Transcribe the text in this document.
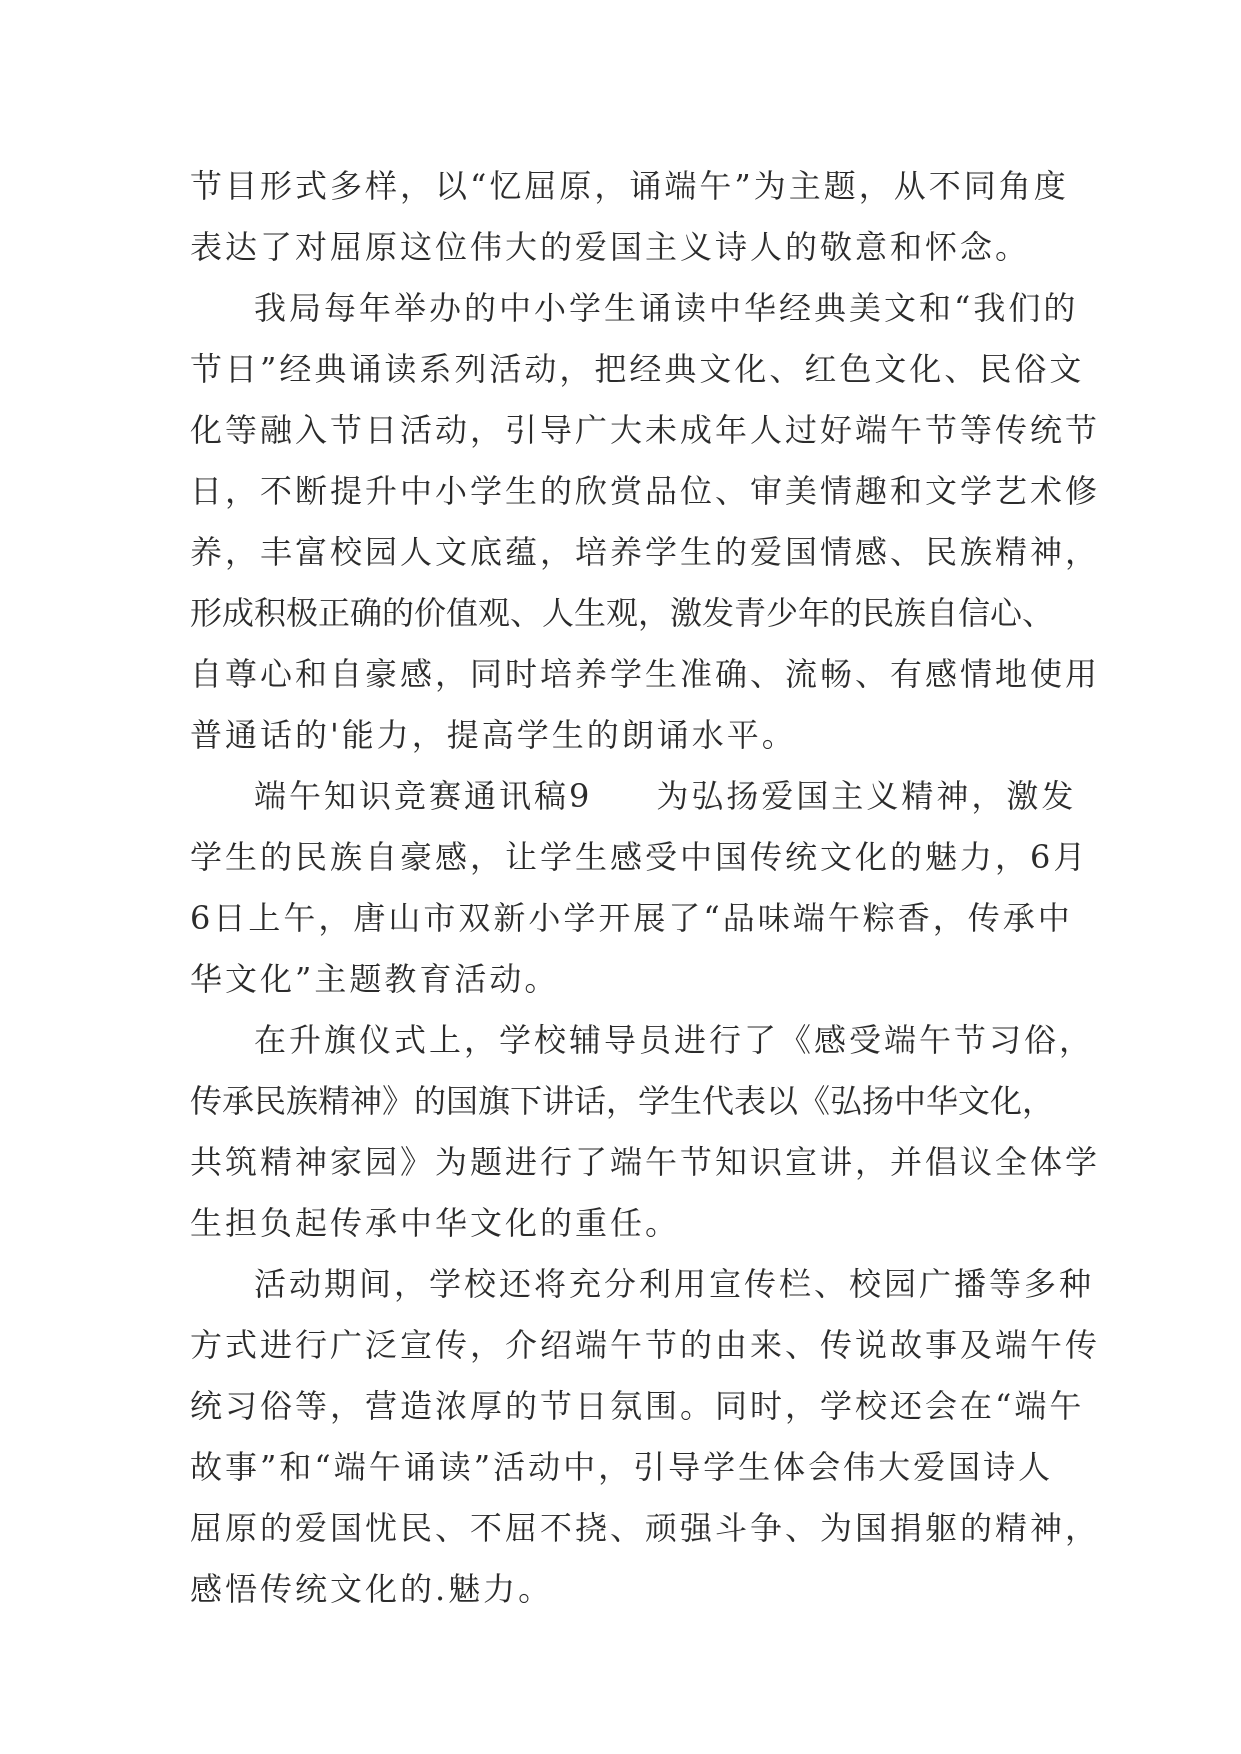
节目形式多样，以“忆屈原，诵端午”为主题，从不同角度
表达了对屈原这位伟大的爱国主义诗人的敬意和怀念。
我局每年举办的中小学生诵读中华经典美文和“我们的
节日”经典诵读系列活动，把经典文化、红色文化、民俗文
化等融入节日活动，引导广大未成年人过好端午节等传统节
日，不断提升中小学生的欣赏品位、审美情趣和文学艺术修
养，丰富校园人文底蕴，培养学生的爱国情感、民族精神，
形成积极正确的价值观、人生观，激发青少年的民族自信心、
自尊心和自豪感，同时培养学生准确、流畅、有感情地使用
普通话的'能力，提高学生的朗诵水平。
端午知识竞赛通讯稿9 为弘扬爱国主义精神，激发
学生的民族自豪感，让学生感受中国传统文化的魅力，6月
6日上午，唐山市双新小学开展了“品味端午粽香，传承中
华文化”主题教育活动。
在升旗仪式上，学校辅导员进行了《感受端午节习俗，
传承民族精神》的国旗下讲话，学生代表以《弘扬中华文化，
共筑精神家园》为题进行了端午节知识宣讲，并倡议全体学
生担负起传承中华文化的重任。
活动期间，学校还将充分利用宣传栏、校园广播等多种
方式进行广泛宣传，介绍端午节的由来、传说故事及端午传
统习俗等，营造浓厚的节日氛围。同时，学校还会在“端午
故事”和“端午诵读”活动中，引导学生体会伟大爱国诗人
屈原的爱国忧民、不屈不挠、顽强斗争、为国捐躯的精神，
感悟传统文化的.魅力。
